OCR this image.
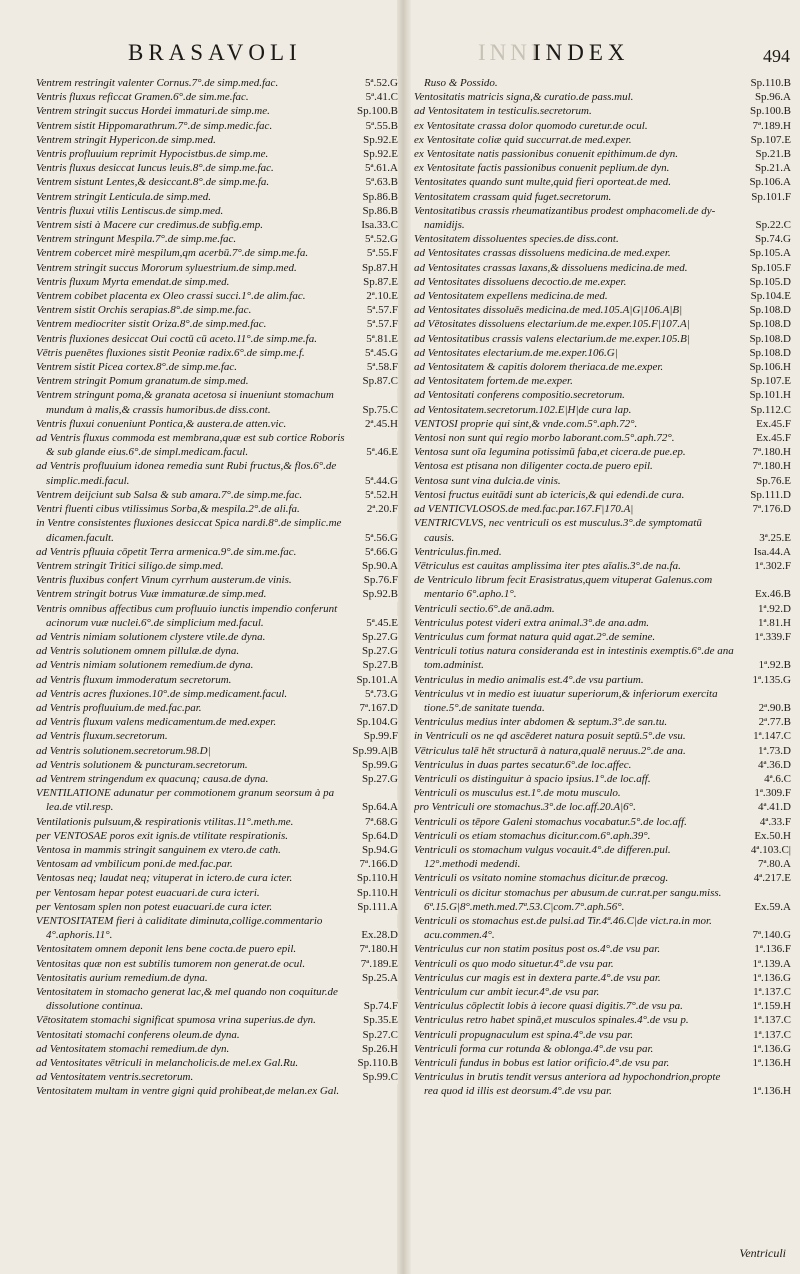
BRASAVOLI	INNI
INDEX	494
Ventrem restringit valenter Cornus.7°.de simp.med.fac.	5ª.52.G
Ventris fluxus reficcat Gramen.6°.de sim.me.fac.	5ª.41.C
Ventrem stringit succus Hordei immaturi.de simp.me.	Sp.100.B
Ventrem sistit Hippomarathrum.7°.de simp.medic.fac.	5ª.55.B
Ventrem stringit Hypericon.de simp.med.	Sp.92.E
Ventris profluuium reprimit Hypocistbus.de simp.me.	Sp.92.E
Ventris fluxus desiccat Iuncus leuis.8°.de simp.me.fac.	5ª.61.A
Ventrem sistunt Lentes,& desiccant.8°.de simp.me.fa.	5ª.63.B
Ventrem stringit Lenticula.de simp.med.	Sp.86.B
Ventris fluxui vtilis Lentiscus.de simp.med.	Sp.86.B
Ventrem sisti à Macere cur credimus.de subfig.emp.	Isa.33.C
Ventrem stringunt Mespila.7°.de simp.me.fac.	5ª.52.G
Ventrem cobercet mirè mespilum,qm acerbū.7°.de simp.me.fa.	5ª.55.F
Ventrem stringit succus Mororum syluestrium.de simp.med.	Sp.87.H
Ventris fluxum Myrta emendat.de simp.med.	Sp.87.E
Ventrem cobibet placenta ex Oleo crassi succi.1°.de alim.fac.	2ª.10.E
Ventrem sistit Orchis serapias.8°.de simp.me.fac.	5ª.57.F
Ventrem mediocriter sistit Oriza.8°.de simp.med.fac.	5ª.57.F
Ventris fluxiones desiccat Oui coctū cū aceto.11°.de simp.me.fa.	5ª.81.E
Vētris puenētes fluxiones sistit Peoniæ radix.6°.de simp.me.f.	5ª.45.G
Ventrem sistit Picea cortex.8°.de simp.me.fac.	5ª.58.F
Ventrem stringit Pomum granatum.de simp.med.	Sp.87.C
Ventrem stringunt poma,& granata acetosa si inueniunt stomachum
mundum à malis,& crassis humoribus.de diss.cont.	Sp.75.C
Ventris fluxui conueniunt Pontica,& austera.de atten.vic.	2ª.45.H
ad Ventris fluxus commoda est membrana,quæ est sub cortice Roboris
& sub glande eius.6°.de simpl.medicam.facul.	5ª.46.E
ad Ventris profluuium idonea remedia sunt Rubi fructus,& flos.6°.de
simplic.medi.facul.	5ª.44.G
Ventrem deijciunt sub Salsa & sub amara.7°.de simp.me.fac.	5ª.52.H
Ventri fluenti cibus vtilissimus Sorba,& mespila.2°.de ali.fa.	2ª.20.F
in Ventre consistentes fluxiones desiccat Spica nardi.8°.de simplic.me
dicamen.facult.	5ª.56.G
ad Ventris pfluuia cōpetit Terra armenica.9°.de sim.me.fac.	5ª.66.G
Ventrem stringit Tritici siligo.de simp.med.	Sp.90.A
Ventris fluxibus confert Vinum cyrrhum austerum.de vinis.	Sp.76.F
Ventrem stringit botrus Vuæ immaturæ.de simp.med.	Sp.92.B
Ventris omnibus affectibus cum profluuio iunctis impendio conferunt
acinorum vuæ nuclei.6°.de simplicium med.facul.	5ª.45.E
ad Ventris nimiam solutionem clystere vtile.de dyna.	Sp.27.G
ad Ventris solutionem omnem pillulæ.de dyna.	Sp.27.G
ad Ventris nimiam solutionem remedium.de dyna.	Sp.27.B
ad Ventris fluxum immoderatum secretorum.	Sp.101.A
ad Ventris acres fluxiones.10°.de simp.medicament.facul.	5ª.73.G
ad Ventris profluuium.de med.fac.par.	7ª.167.D
ad Ventris fluxum valens medicamentum.de med.exper.	Sp.104.G
ad Ventris fluxum.secretorum.	Sp.99.F
ad Ventris solutionem.secretorum.98.D|	Sp.99.A|B
ad Ventris solutionem & puncturam.secretorum.	Sp.99.G
ad Ventrem stringendum ex quacunq; causa.de dyna.	Sp.27.G
VENTILATIONE adunatur per commotionem granum seorsum à pa
lea.de vtil.resp.	Sp.64.A
Ventilationis pulsuum,& respirationis vtilitas.11°.meth.me.	7ª.68.G
per VENTOSAE poros exit ignis.de vtilitate respirationis.	Sp.64.D
Ventosa in mammis stringit sanguinem ex vtero.de cath.	Sp.94.G
Ventosam ad vmbilicum poni.de med.fac.par.	7ª.166.D
Ventosas neq; laudat neq; vituperat in ictero.de cura icter.	Sp.110.H
per Ventosam hepar potest euacuari.de cura icteri.	Sp.110.H
per Ventosam splen non potest euacuari.de cura icter.	Sp.111.A
VENTOSITATEM fieri à caliditate diminuta,collige.commentario
4°.aphoris.11°.	Ex.28.D
Ventositatem omnem deponit lens bene cocta.de puero epil.	7ª.180.H
Ventositas quæ non est subtilis tumorem non generat.de ocul.	7ª.189.E
Ventositatis aurium remedium.de dyna.	Sp.25.A
Ventositatem in stomacho generat lac,& mel quando non coquitur.de
dissolutione continua.	Sp.74.F
Vētositatem stomachi significat spumosa vrina superius.de dyn.	Sp.35.E
Ventositati stomachi conferens oleum.de dyna.	Sp.27.C
ad Ventositatem stomachi remedium.de dyn.	Sp.26.H
ad Ventositates vētriculi in melancholicis.de mel.ex Gal.Ru.	Sp.110.B
ad Ventositatem ventris.secretorum.	Sp.99.C
Ventositatem multam in ventre gigni quid prohibeat,de melan.ex Gal.
Ruso & Possido.	Sp.110.B
Ventositatis matricis signa,& curatio.de pass.mul.	Sp.96.A
ad Ventositatem in testiculis.secretorum.	Sp.100.B
ex Ventositate crassa dolor quomodo curetur.de ocul.	7ª.189.H
ex Ventositate coliæ quid succurrat.de med.exper.	Sp.107.E
ex Ventositate natis passionibus conuenit epithimum.de dyn.	Sp.21.B
ex Ventositate factis passionibus conuenit peplium.de dyn.	Sp.21.A
Ventositates quando sunt multe,quid fieri oporteat.de med.	Sp.106.A
Ventositatem crassam quid fuget.secretorum.	Sp.101.F
Ventositatibus crassis rheumatizantibus prodest omphacomeli.de dy-
namidijs.	Sp.22.C
Ventositatem dissoluentes species.de diss.cont.	Sp.74.G
ad Ventositates crassas dissoluens medicina.de med.exper.	Sp.105.A
ad Ventositates crassas laxans,& dissoluens medicina.de med.	Sp.105.F
ad Ventositates dissoluens decoctio.de me.exper.	Sp.105.D
ad Ventositatem expellens medicina.de med.	Sp.104.E
ad Ventositates dissoluēs medicina.de med.105.A|G|106.A|B|	Sp.108.D
ad Vētositates dissoluens electarium.de me.exper.105.F|107.A|	Sp.108.D
ad Ventositatibus crassis valens electarium.de me.exper.105.B|	Sp.108.D
ad Ventositates electarium.de me.exper.106.G|	Sp.108.D
ad Ventositatem & capitis dolorem theriaca.de me.exper.	Sp.106.H
ad Ventositatem fortem.de me.exper.	Sp.107.E
ad Ventositati conferens compositio.secretorum.	Sp.101.H
ad Ventositatem.secretorum.102.E|H|de cura lap.	Sp.112.C
VENTOSI proprie qui sint,& vnde.com.5°.aph.72°.	Ex.45.F
Ventosi non sunt qui regio morbo laborant.com.5°.aph.72°.	Ex.45.F
Ventosa sunt oīa legumina potissimū faba,et cicera.de pue.ep.	7ª.180.H
Ventosa est ptisana non diligenter cocta.de puero epil.	7ª.180.H
Ventosa sunt vina dulcia.de vinis.	Sp.76.E
Ventosi fructus euitādi sunt ab ictericis,& qui edendi.de cura.	Sp.111.D
ad VENTICVLOSOS.de med.fac.par.167.F|170.A|	7ª.176.D
VENTRICVLVS, nec ventriculi os est musculus.3°.de symptomatū
causis.	3ª.25.E
Ventriculus.fin.med.	Isa.44.A
Vētriculus est cauitas amplissima iter ptes aīalis.3°.de na.fa.	1ª.302.F
de Ventriculo librum fecit Erasistratus,quem vituperat Galenus.com
mentario 6°.apho.1°.	Ex.46.B
Ventriculi sectio.6°.de anā.adm.	1ª.92.D
Ventriculus potest videri extra animal.3°.de ana.adm.	1ª.81.H
Ventriculus cum format natura quid agat.2°.de semine.	1ª.339.F
Ventriculi totius natura consideranda est in intestinis exemptis.6°.de ana
tom.administ.	1ª.92.B
Ventriculus in medio animalis est.4°.de vsu partium.	1ª.135.G
Ventriculus vt in medio est iuuatur superiorum,& inferiorum exercita
tione.5°.de sanitate tuenda.	2ª.90.B
Ventriculus medius inter abdomen & septum.3°.de san.tu.	2ª.77.B
in Ventriculi os ne qd ascēderet natura posuit septū.5°.de vsu.	1ª.147.C
Vētriculus talē hēt structurā à natura,qualē neruus.2°.de ana.	1ª.73.D
Ventriculus in duas partes secatur.6°.de loc.affec.	4ª.36.D
Ventriculi os distinguitur à spacio ipsius.1°.de loc.aff.	4ª.6.C
Ventriculi os musculus est.1°.de motu musculo.	1ª.309.F
pro Ventriculi ore stomachus.3°.de loc.aff.20.A|6°.	4ª.41.D
Ventriculi os tēpore Galeni stomachus vocabatur.5°.de loc.aff.	4ª.33.F
Ventriculi os etiam stomachus dicitur.com.6°.aph.39°.	Ex.50.H
Ventriculi os stomachum vulgus vocauit.4°.de differen.pul.	4ª.103.C|
12°.methodi medendi.	7ª.80.A
Ventriculi os vsitato nomine stomachus dicitur.de præcog.	4ª.217.E
Ventriculi os dicitur stomachus per abusum.de cur.rat.per sangu.miss.
6ª.15.G|8°.meth.med.7ª.53.C|com.7°.aph.56°.	Ex.59.A
Ventriculi os stomachus est.de pulsi.ad Tir.4ª.46.C|de vict.ra.in mor.
acu.commen.4°.	7ª.140.G
Ventriculus cur non statim positus post os.4°.de vsu par.	1ª.136.F
Ventriculi os quo modo situetur.4°.de vsu par.	1ª.139.A
Ventriculus cur magis est in dextera parte.4°.de vsu par.	1ª.136.G
Ventriculum cur ambit iecur.4°.de vsu par.	1ª.137.C
Ventriculus cōplectit lobis à iecore quasi digitis.7°.de vsu pa.	1ª.159.H
Ventriculus retro habet spinā,et musculos spinales.4°.de vsu p.	1ª.137.C
Ventriculi propugnaculum est spina.4°.de vsu par.	1ª.137.C
Ventriculi forma cur rotunda & oblonga.4°.de vsu par.	1ª.136.G
Ventriculi fundus in bobus est latior orificio.4°.de vsu par.	1ª.136.H
Ventriculus in brutis tendit versus anteriora ad hypochondrion,propte
rea quod id illis est deorsum.4°.de vsu par.	1ª.136.H
Ventriculi
